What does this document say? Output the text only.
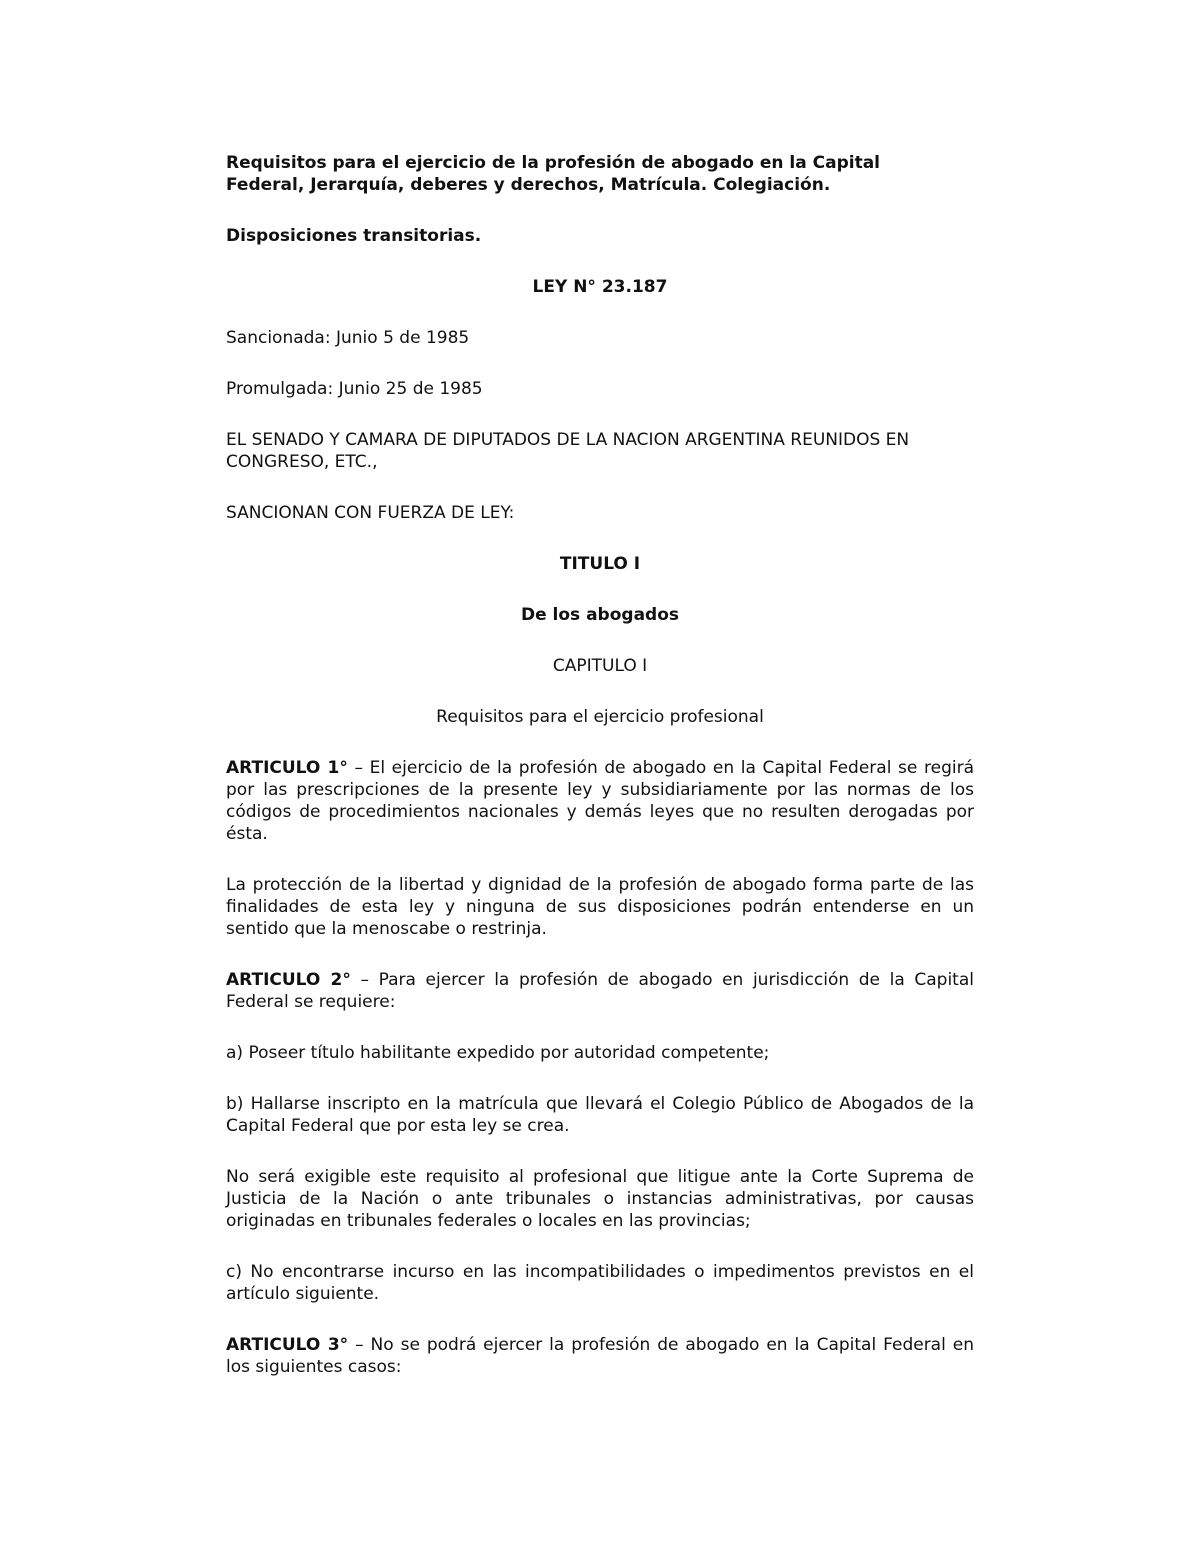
Requisitos para el ejercicio de la profesión de abogado en la Capital
Federal, Jerarquía, deberes y derechos, Matrícula. Colegiación.
Disposiciones transitorias.
LEY N° 23.187
Sancionada: Junio 5 de 1985
Promulgada: Junio 25 de 1985
EL SENADO Y CAMARA DE DIPUTADOS DE LA NACION ARGENTINA REUNIDOS EN CONGRESO, ETC.,
SANCIONAN CON FUERZA DE LEY:
TITULO I
De los abogados
CAPITULO I
Requisitos para el ejercicio profesional
ARTICULO 1° – El ejercicio de la profesión de abogado en la Capital Federal se regirá por las prescripciones de la presente ley y subsidiariamente por las normas de los códigos de procedimientos nacionales y demás leyes que no resulten derogadas por ésta.
La protección de la libertad y dignidad de la profesión de abogado forma parte de las finalidades de esta ley y ninguna de sus disposiciones podrán entenderse en un sentido que la menoscabe o restrinja.
ARTICULO 2° – Para ejercer la profesión de abogado en jurisdicción de la Capital Federal se requiere:
a) Poseer título habilitante expedido por autoridad competente;
b) Hallarse inscripto en la matrícula que llevará el Colegio Público de Abogados de la Capital Federal que por esta ley se crea.
No será exigible este requisito al profesional que litigue ante la Corte Suprema de Justicia de la Nación o ante tribunales o instancias administrativas, por causas originadas en tribunales federales o locales en las provincias;
c) No encontrarse incurso en las incompatibilidades o impedimentos previstos en el artículo siguiente.
ARTICULO 3° – No se podrá ejercer la profesión de abogado en la Capital Federal en los siguientes casos:
